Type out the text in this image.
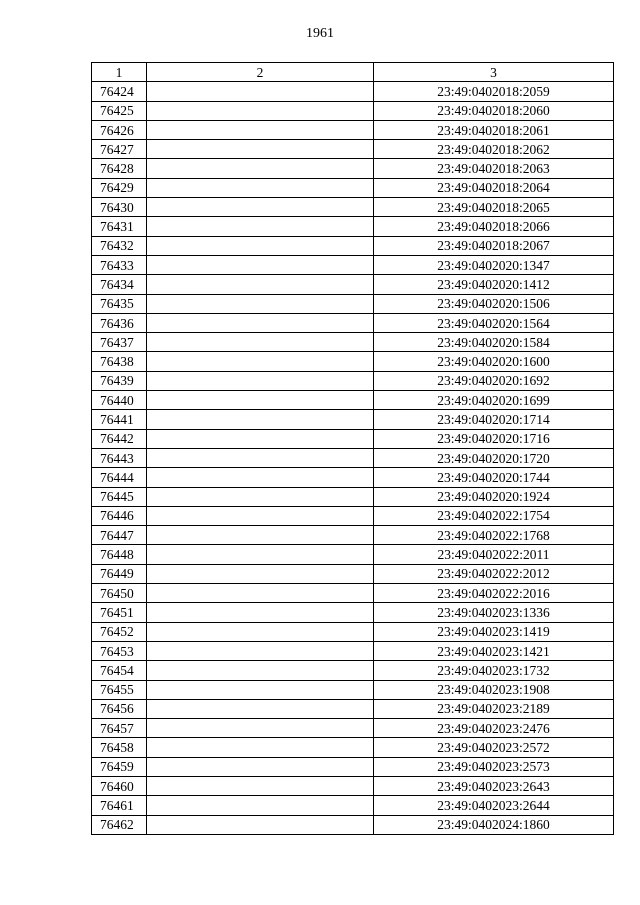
1961
1	2	3
76424		23:49:0402018:2059
76425		23:49:0402018:2060
76426		23:49:0402018:2061
76427		23:49:0402018:2062
76428		23:49:0402018:2063
76429		23:49:0402018:2064
76430		23:49:0402018:2065
76431		23:49:0402018:2066
76432		23:49:0402018:2067
76433		23:49:0402020:1347
76434		23:49:0402020:1412
76435		23:49:0402020:1506
76436		23:49:0402020:1564
76437		23:49:0402020:1584
76438		23:49:0402020:1600
76439		23:49:0402020:1692
76440		23:49:0402020:1699
76441		23:49:0402020:1714
76442		23:49:0402020:1716
76443		23:49:0402020:1720
76444		23:49:0402020:1744
76445		23:49:0402020:1924
76446		23:49:0402022:1754
76447		23:49:0402022:1768
76448		23:49:0402022:2011
76449		23:49:0402022:2012
76450		23:49:0402022:2016
76451		23:49:0402023:1336
76452		23:49:0402023:1419
76453		23:49:0402023:1421
76454		23:49:0402023:1732
76455		23:49:0402023:1908
76456		23:49:0402023:2189
76457		23:49:0402023:2476
76458		23:49:0402023:2572
76459		23:49:0402023:2573
76460		23:49:0402023:2643
76461		23:49:0402023:2644
76462		23:49:0402024:1860
